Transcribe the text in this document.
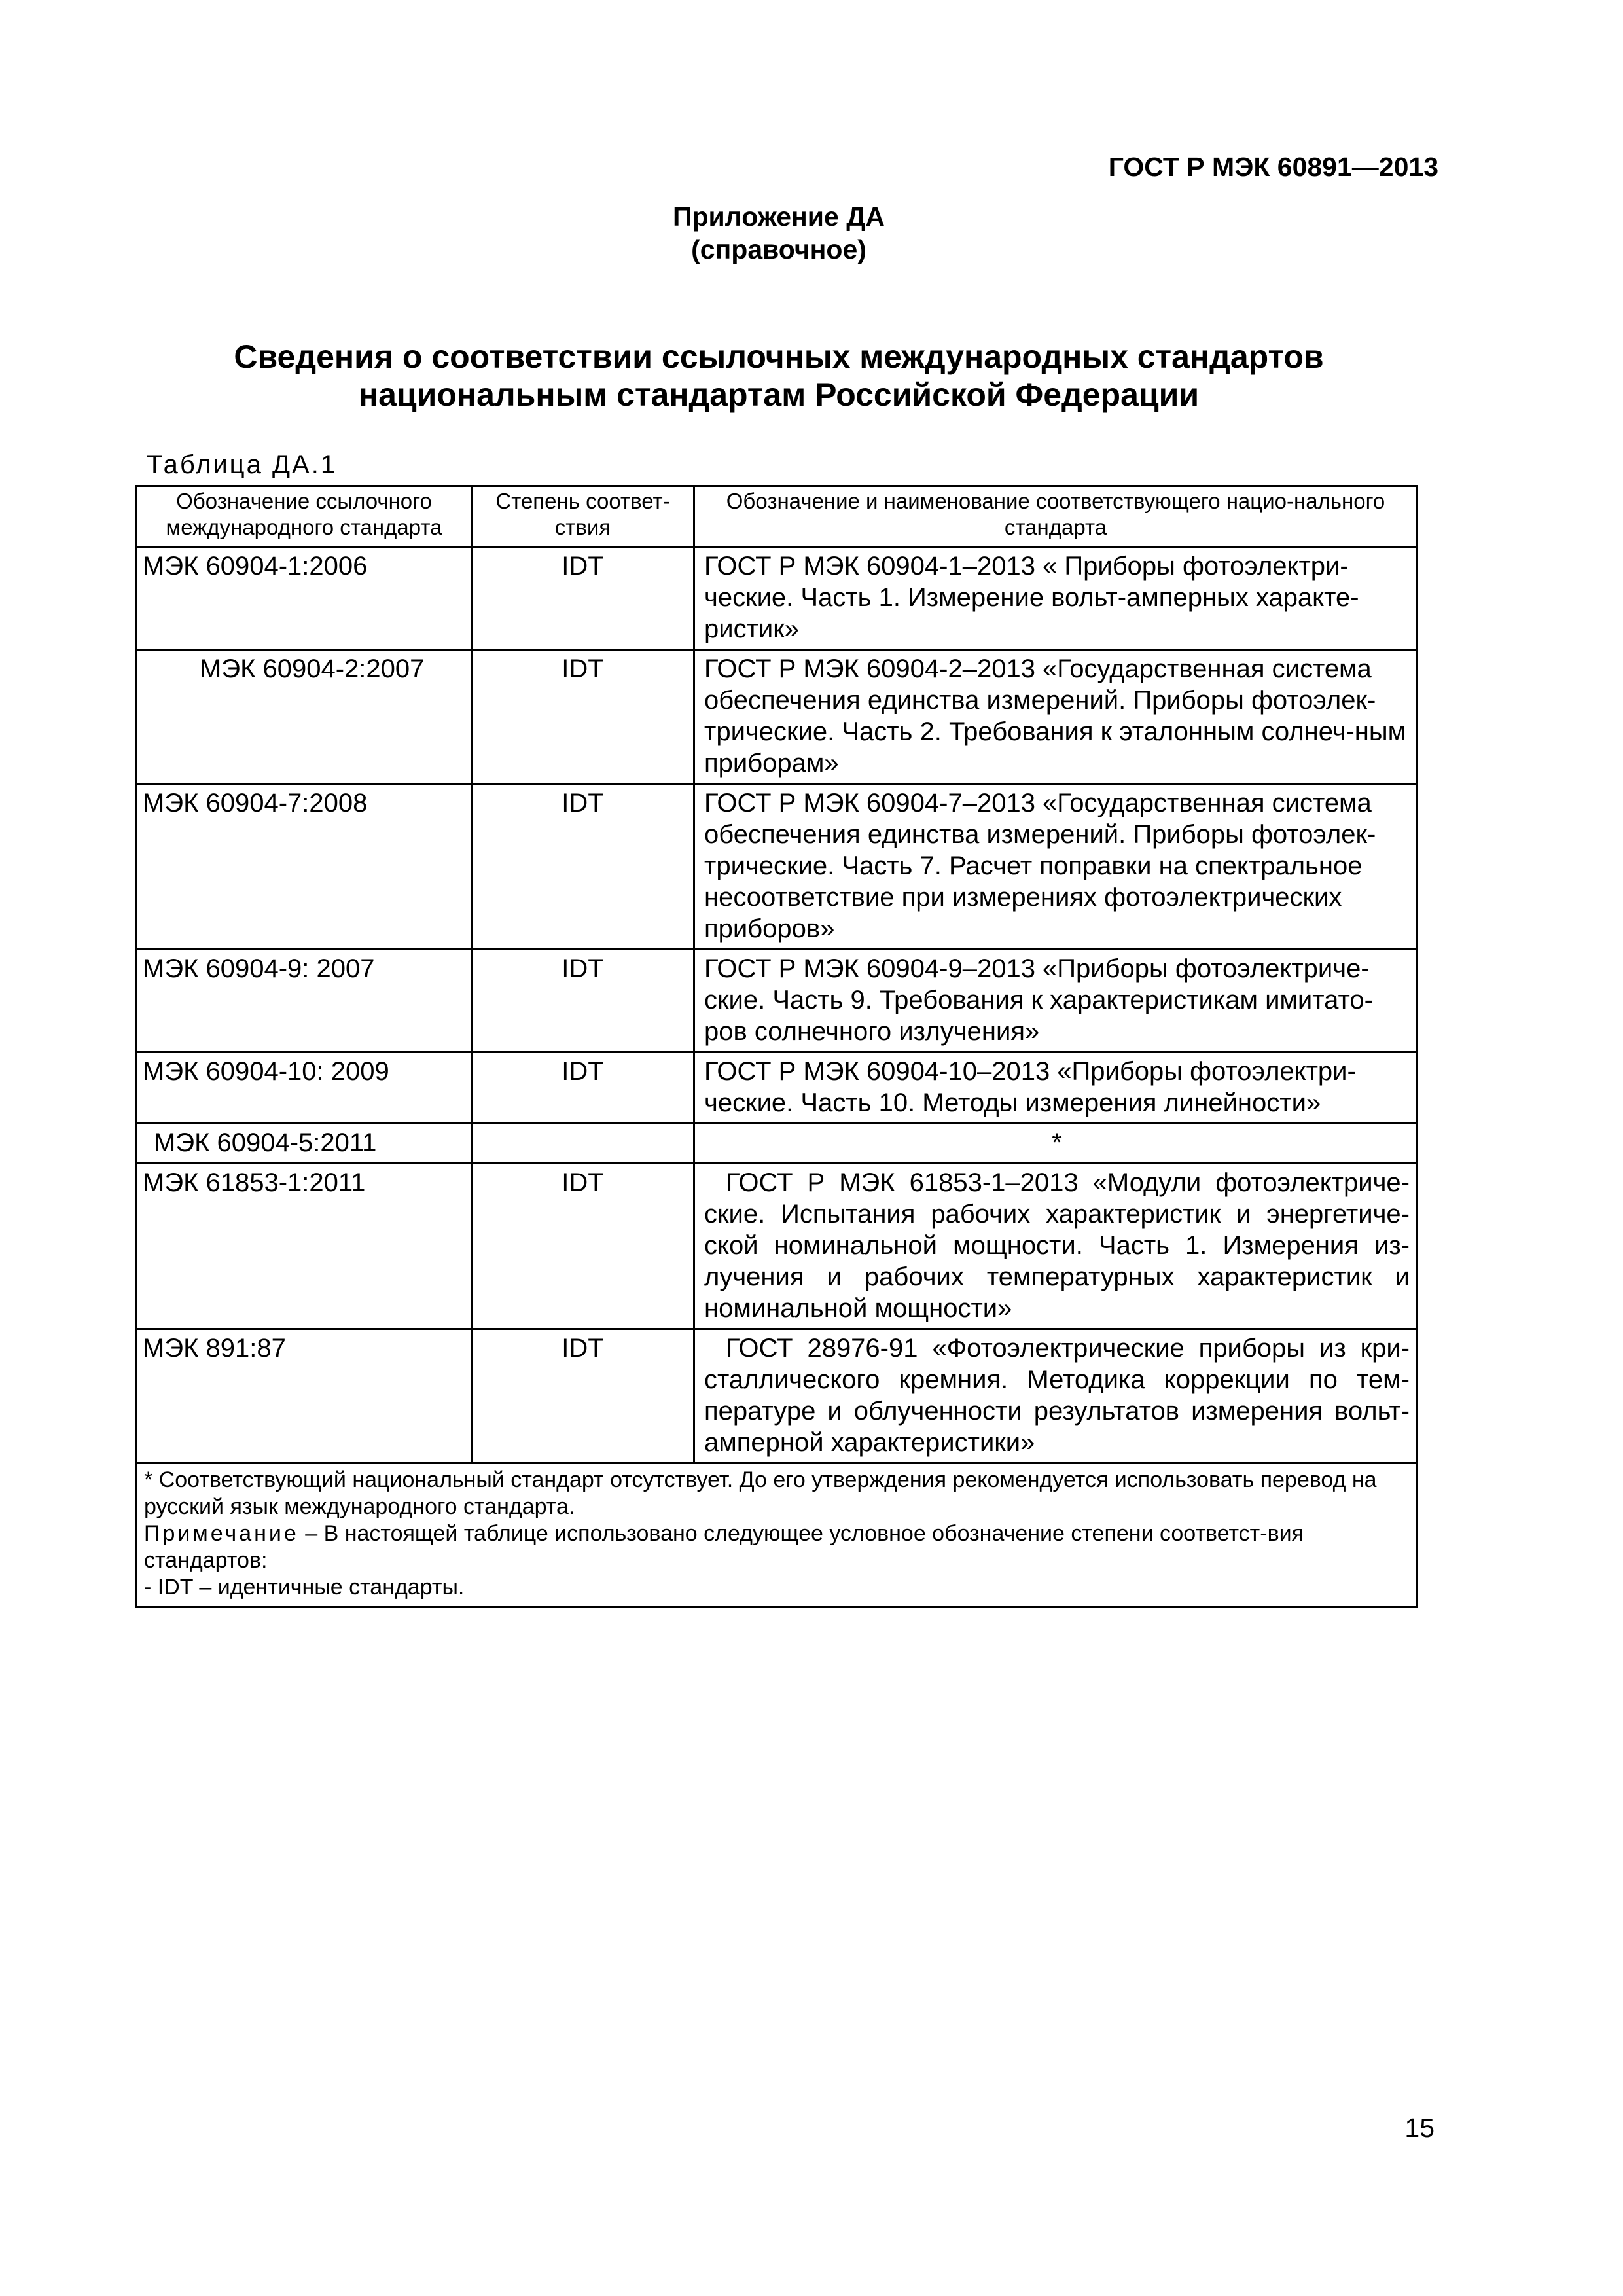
ГОСТ Р МЭК 60891—2013
Приложение ДА
(справочное)
Сведения о соответствии ссылочных международных стандартов
национальным стандартам Российской Федерации
Таблица ДА.1
Обозначение ссылочного международного стандарта	Степень соответ-ствия	Обозначение и наименование соответствующего нацио-нального стандарта
МЭК 60904-1:2006	IDT	ГОСТ Р МЭК 60904-1–2013 « Приборы фотоэлектри-ческие. Часть 1. Измерение вольт-амперных характе-ристик»
МЭК 60904-2:2007	IDT	ГОСТ Р МЭК 60904-2–2013 «Государственная система обеспечения единства измерений. Приборы фотоэлек-трические. Часть 2. Требования к эталонным солнеч-ным приборам»
МЭК 60904-7:2008	IDT	ГОСТ Р МЭК 60904-7–2013 «Государственная система обеспечения единства измерений. Приборы фотоэлек-трические. Часть 7. Расчет поправки на спектральное несоответствие при измерениях фотоэлектрических приборов»
МЭК 60904-9: 2007	IDT	ГОСТ Р МЭК 60904-9–2013 «Приборы фотоэлектриче-ские. Часть 9. Требования к характеристикам имитато-ров солнечного излучения»
МЭК 60904-10: 2009	IDT	ГОСТ Р МЭК 60904-10–2013 «Приборы фотоэлектри-ческие. Часть 10. Методы измерения линейности»
МЭК 60904-5:2011		*
МЭК 61853-1:2011	IDT	ГОСТ Р МЭК 61853-1–2013 «Модули фотоэлектриче-ские. Испытания рабочих характеристик и энергетиче-ской номинальной мощности. Часть 1. Измерения из-лучения и рабочих температурных характеристик и номинальной мощности»
МЭК 891:87	IDT	ГОСТ 28976-91 «Фотоэлектрические приборы из кри-сталлического кремния. Методика коррекции по тем-пературе и облученности результатов измерения вольт-амперной характеристики»

* Соответствующий национальный стандарт отсутствует. До его утверждения рекомендуется использовать перевод на русский язык международного стандарта.
Примечание – В настоящей таблице использовано следующее условное обозначение степени соответст-вия стандартов:
- IDT – идентичные стандарты.		
15
